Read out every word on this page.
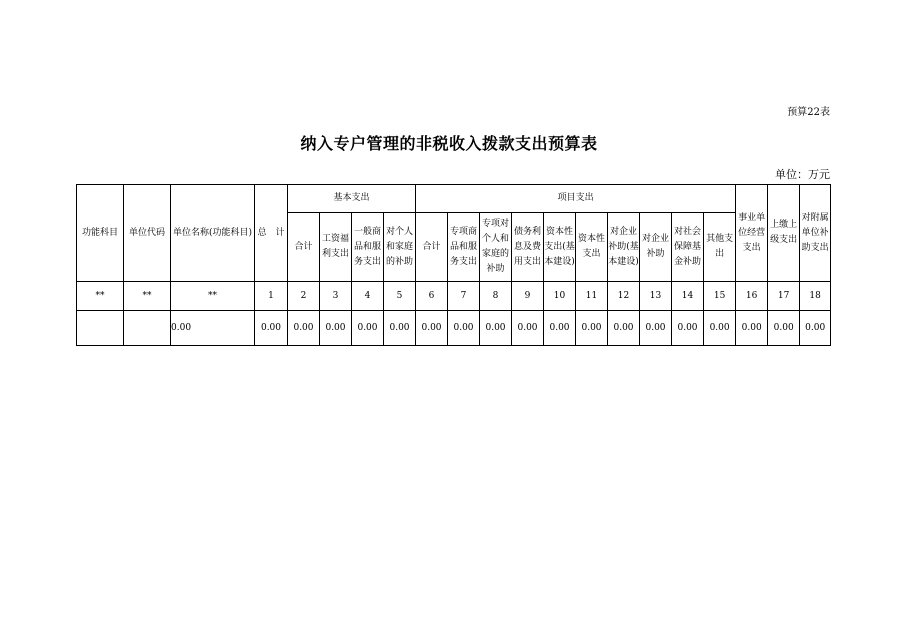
预算22表
纳入专户管理的非税收入拨款支出预算表
单位：万元
功能科目	单位代码	单位名称(功能科目)	总　计	基本支出				项目支出										事业单位经营支出	上缴上级支出	对附属单位补助支出
				合计	工资福利支出	一般商品和服务支出	对个人和家庭的补助	合计	专项商品和服务支出	专项对个人和家庭的补助	债务利息及费用支出	资本性支出(基本建设)	资本性支出	对企业补助(基本建设)	对企业补助	对社会保障基金补助	其他支出			
**	**	**	1	2	3	4	5	6	7	8	9	10	11	12	13	14	15	16	17	18
		0.00	0.00	0.00	0.00	0.00	0.00	0.00	0.00	0.00	0.00	0.00	0.00	0.00	0.00	0.00	0.00	0.00	0.00	0.00
